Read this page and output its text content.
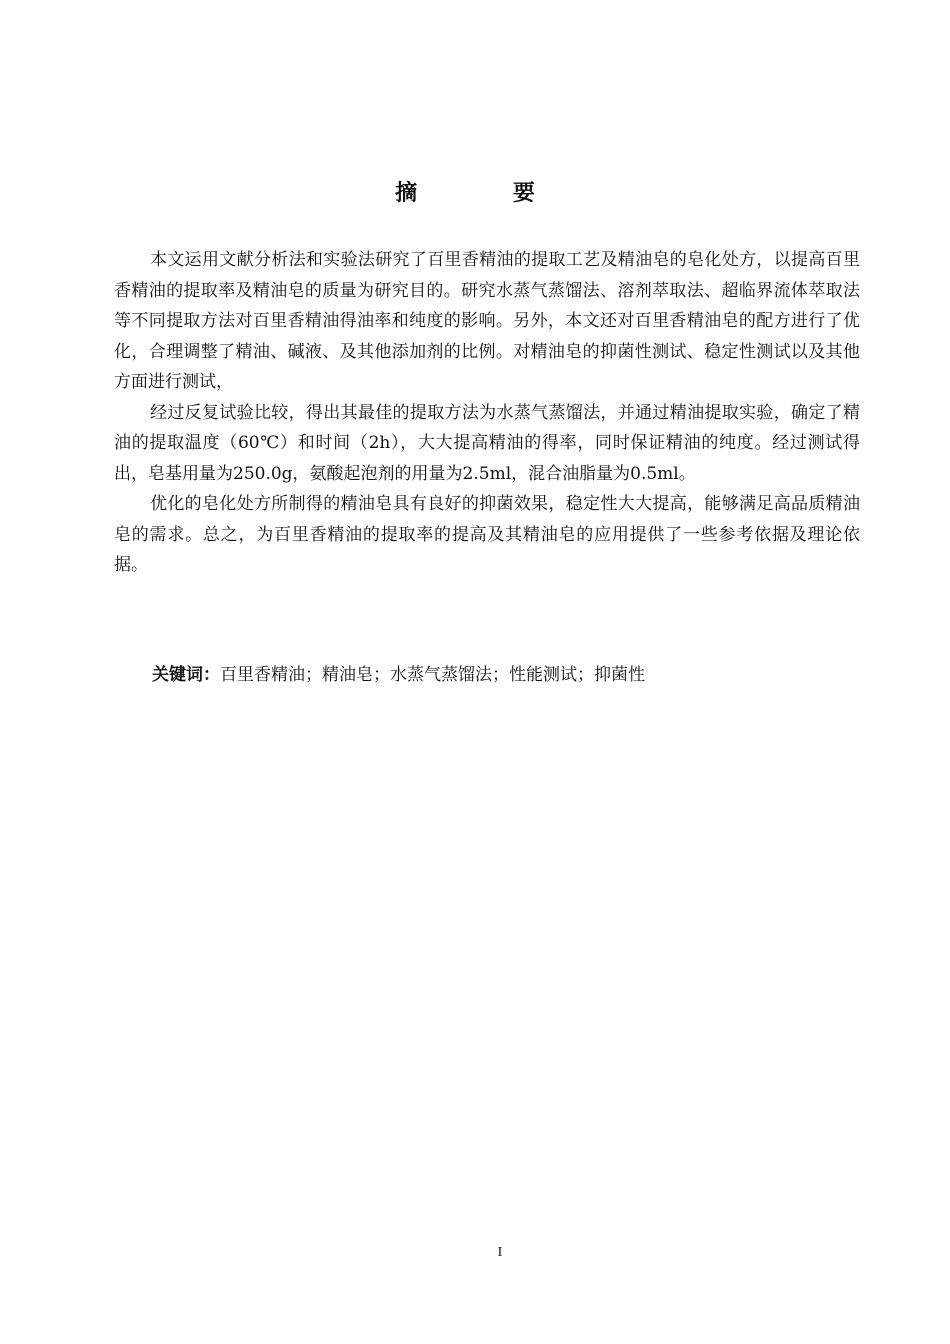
摘 要

本文运用文献分析法和实验法研究了百里香精油的提取工艺及精油皂的皂化处方，以提高百里香精油的提取率及精油皂的质量为研究目的。研究水蒸气蒸馏法、溶剂萃取法、超临界流体萃取法等不同提取方法对百里香精油得油率和纯度的影响。另外，本文还对百里香精油皂的配方进行了优化，合理调整了精油、碱液、及其他添加剂的比例。对精油皂的抑菌性测试、稳定性测试以及其他方面进行测试，

经过反复试验比较，得出其最佳的提取方法为水蒸气蒸馏法，并通过精油提取实验，确定了精油的提取温度（60℃）和时间（2h），大大提高精油的得率，同时保证精油的纯度。经过测试得出，皂基用量为250.0g，氨酸起泡剂的用量为2.5ml，混合油脂量为0.5ml。

优化的皂化处方所制得的精油皂具有良好的抑菌效果，稳定性大大提高，能够满足高品质精油皂的需求。总之，为百里香精油的提取率的提高及其精油皂的应用提供了一些参考依据及理论依据。

关键词：百里香精油；精油皂；水蒸气蒸馏法；性能测试；抑菌性
I
